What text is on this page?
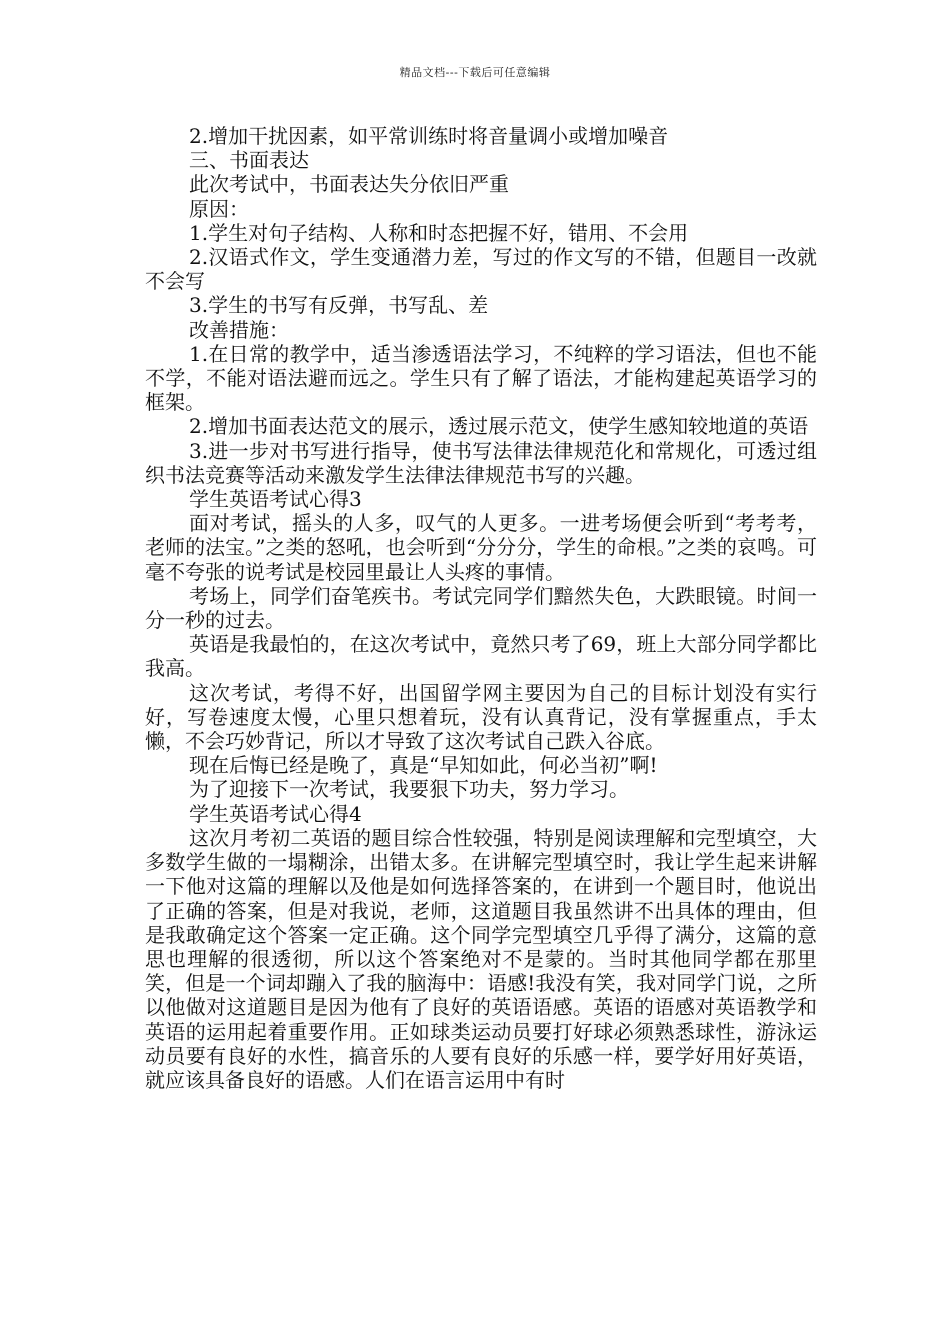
精品文档---下载后可任意编辑

2.增加干扰因素，如平常训练时将音量调小或增加噪音

三、书面表达

此次考试中，书面表达失分依旧严重

原因：

1.学生对句子结构、人称和时态把握不好，错用、不会用

2.汉语式作文，学生变通潜力差，写过的作文写的不错，但题目一改就不会写

3.学生的书写有反弹，书写乱、差

改善措施：

1.在日常的教学中，适当渗透语法学习，不纯粹的学习语法，但也不能不学，不能对语法避而远之。学生只有了解了语法，才能构建起英语学习的框架。

2.增加书面表达范文的展示，透过展示范文，使学生感知较地道的英语

3.进一步对书写进行指导，使书写法律法律规范化和常规化，可透过组织书法竞赛等活动来激发学生法律法律规范书写的兴趣。

学生英语考试心得3

面对考试，摇头的人多，叹气的人更多。一进考场便会听到“考考考，老师的法宝。”之类的怒吼，也会听到“分分分，学生的命根。”之类的哀鸣。可毫不夸张的说考试是校园里最让人头疼的事情。

考场上，同学们奋笔疾书。考试完同学们黯然失色，大跌眼镜。时间一分一秒的过去。

英语是我最怕的，在这次考试中，竟然只考了69，班上大部分同学都比我高。

这次考试，考得不好，出国留学网主要因为自己的目标计划没有实行好，写卷速度太慢，心里只想着玩，没有认真背记，没有掌握重点，手太懒，不会巧妙背记，所以才导致了这次考试自己跌入谷底。

现在后悔已经是晚了，真是“早知如此，何必当初”啊!

为了迎接下一次考试，我要狠下功夫，努力学习。

学生英语考试心得4

这次月考初二英语的题目综合性较强，特别是阅读理解和完型填空，大多数学生做的一塌糊涂，出错太多。在讲解完型填空时，我让学生起来讲解一下他对这篇的理解以及他是如何选择答案的，在讲到一个题目时，他说出了正确的答案，但是对我说，老师，这道题目我虽然讲不出具体的理由，但是我敢确定这个答案一定正确。这个同学完型填空几乎得了满分，这篇的意思也理解的很透彻，所以这个答案绝对不是蒙的。当时其他同学都在那里笑，但是一个词却蹦入了我的脑海中：语感!我没有笑，我对同学门说，之所以他做对这道题目是因为他有了良好的英语语感。英语的语感对英语教学和英语的运用起着重要作用。正如球类运动员要打好球必须熟悉球性，游泳运动员要有良好的水性，搞音乐的人要有良好的乐感一样，要学好用好英语，就应该具备良好的语感。人们在语言运用中有时
